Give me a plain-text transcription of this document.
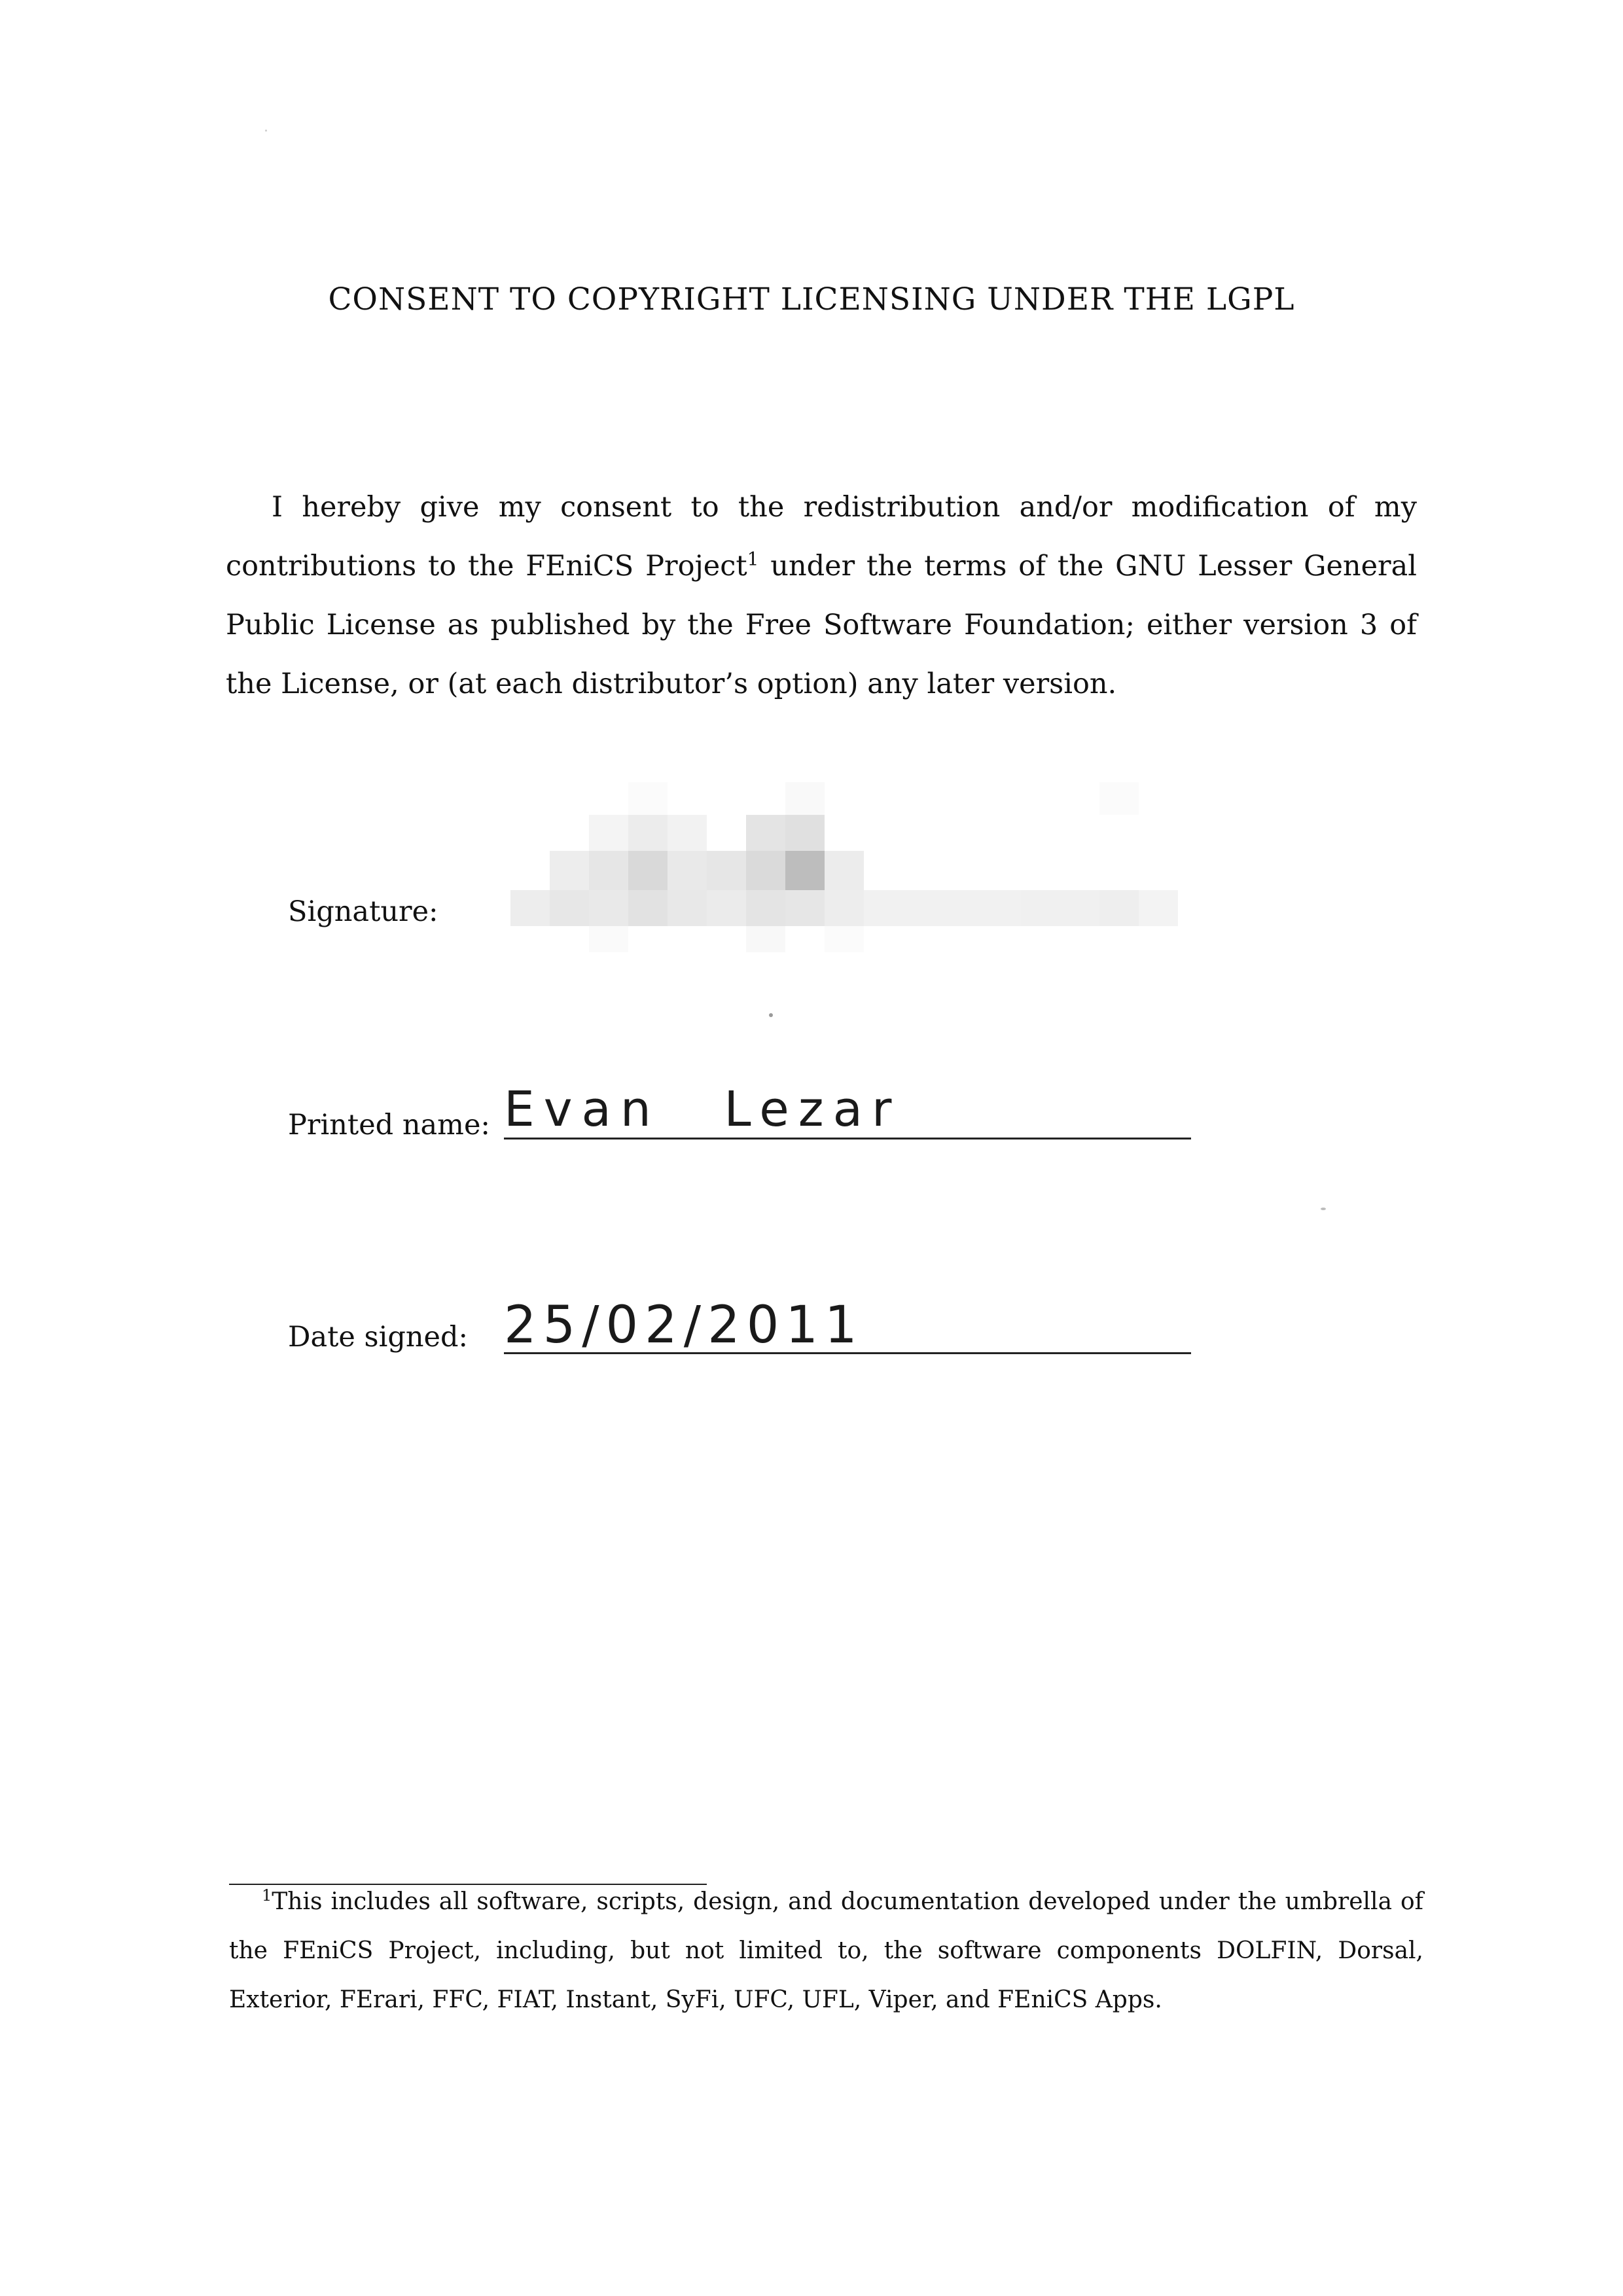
CONSENT TO COPYRIGHT LICENSING UNDER THE LGPL
I hereby give my consent to the redistribution and/or modification of my contributions to the FEniCS Project$^1$ under the terms of the GNU Lesser General Public License as published by the Free Software Foundation; either version 3 of the License, or (at each distributor’s option) any later version.
Signature:
Printed name: Evan Lezar
Date signed: 25/02/2011
$^1$This includes all software, scripts, design, and documentation developed under the umbrella of the FEniCS Project, including, but not limited to, the software components DOLFIN, Dorsal, Exterior, FErari, FFC, FIAT, Instant, SyFi, UFC, UFL, Viper, and FEniCS Apps.
